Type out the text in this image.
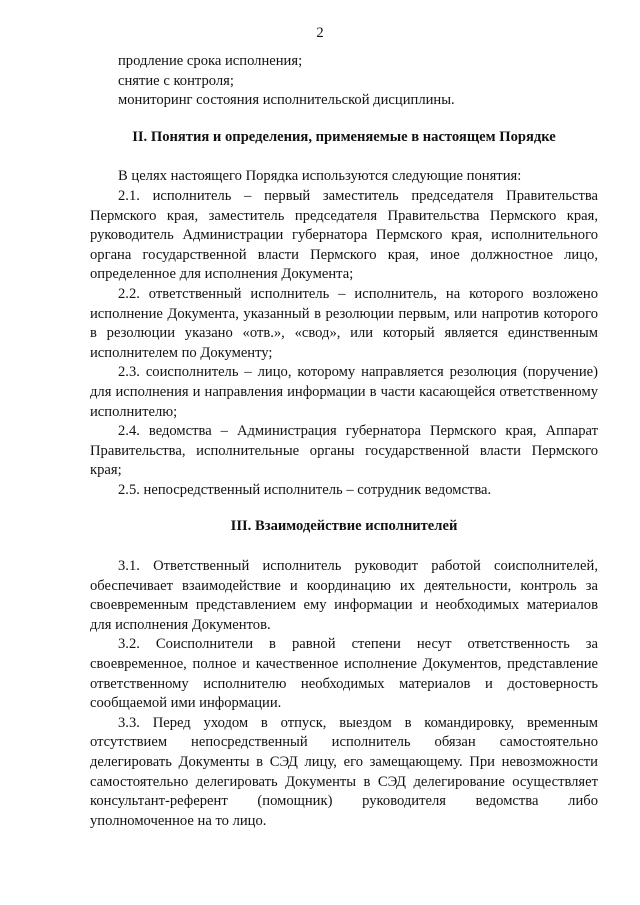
2
продление срока исполнения;
снятие с контроля;
мониторинг состояния исполнительской дисциплины.
II. Понятия и определения, применяемые в настоящем Порядке

В целях настоящего Порядка используются следующие понятия:

2.1. исполнитель – первый заместитель председателя Правительства Пермского края, заместитель председателя Правительства Пермского края, руководитель Администрации губернатора Пермского края, исполнительного органа государственной власти Пермского края, иное должностное лицо, определенное для исполнения Документа;

2.2. ответственный исполнитель – исполнитель, на которого возложено исполнение Документа, указанный в резолюции первым, или напротив которого в резолюции указано «отв.», «свод», или который является единственным исполнителем по Документу;

2.3. соисполнитель – лицо, которому направляется резолюция (поручение) для исполнения и направления информации в части касающейся ответственному исполнителю;

2.4. ведомства – Администрация губернатора Пермского края, Аппарат Правительства, исполнительные органы государственной власти Пермского края;

2.5. непосредственный исполнитель – сотрудник ведомства.

III. Взаимодействие исполнителей

3.1. Ответственный исполнитель руководит работой соисполнителей, обеспечивает взаимодействие и координацию их деятельности, контроль за своевременным представлением ему информации и необходимых материалов для исполнения Документов.

3.2. Соисполнители в равной степени несут ответственность за своевременное, полное и качественное исполнение Документов, представление ответственному исполнителю необходимых материалов и достоверность сообщаемой ими информации.

3.3. Перед уходом в отпуск, выездом в командировку, временным отсутствием непосредственный исполнитель обязан самостоятельно делегировать Документы в СЭД лицу, его замещающему. При невозможности самостоятельно делегировать Документы в СЭД делегирование осуществляет консультант-референт (помощник) руководителя ведомства либо уполномоченное на то лицо.
